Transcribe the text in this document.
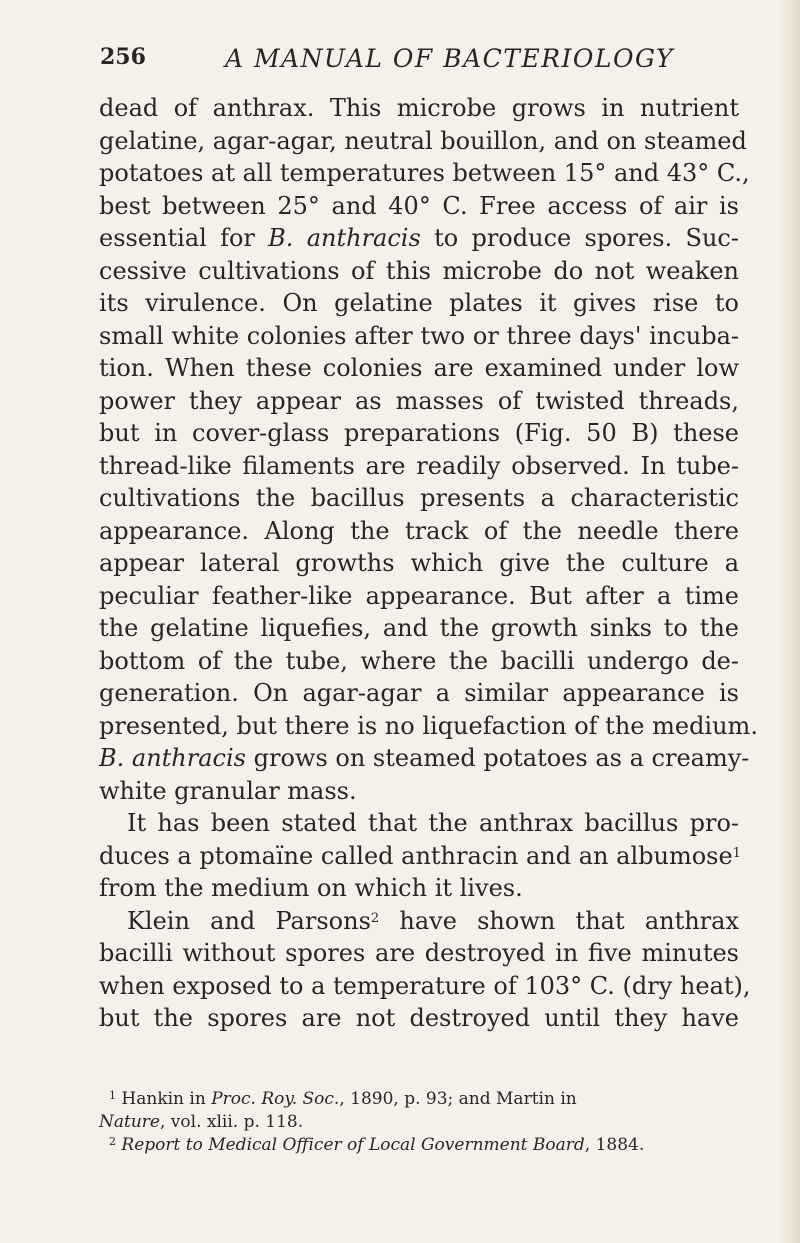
256	A MANUAL OF BACTERIOLOGY
dead of anthrax. This microbe grows in nutrient
gelatine, agar-agar, neutral bouillon, and on steamed
potatoes at all temperatures between 15° and 43° C.,
best between 25° and 40° C. Free access of air is
essential for B. anthracis to produce spores. Suc-
cessive cultivations of this microbe do not weaken
its virulence. On gelatine plates it gives rise to
small white colonies after two or three days' incuba-
tion. When these colonies are examined under low
power they appear as masses of twisted threads,
but in cover-glass preparations (Fig. 50 B) these
thread-like filaments are readily observed. In tube-
cultivations the bacillus presents a characteristic
appearance. Along the track of the needle there
appear lateral growths which give the culture a
peculiar feather-like appearance. But after a time
the gelatine liquefies, and the growth sinks to the
bottom of the tube, where the bacilli undergo de-
generation. On agar-agar a similar appearance is
presented, but there is no liquefaction of the medium.
B. anthracis grows on steamed potatoes as a creamy-
white granular mass.
It has been stated that the anthrax bacillus pro-
duces a ptomaïne called anthracin and an albumose$^1$
from the medium on which it lives.
Klein and Parsons$^2$ have shown that anthrax
bacilli without spores are destroyed in five minutes
when exposed to a temperature of 103° C. (dry heat),
but the spores are not destroyed until they have
$^1$ Hankin in Proc. Roy. Soc., 1890, p. 93; and Martin in
Nature, vol. xlii. p. 118.
$^2$ Report to Medical Officer of Local Government Board, 1884.
